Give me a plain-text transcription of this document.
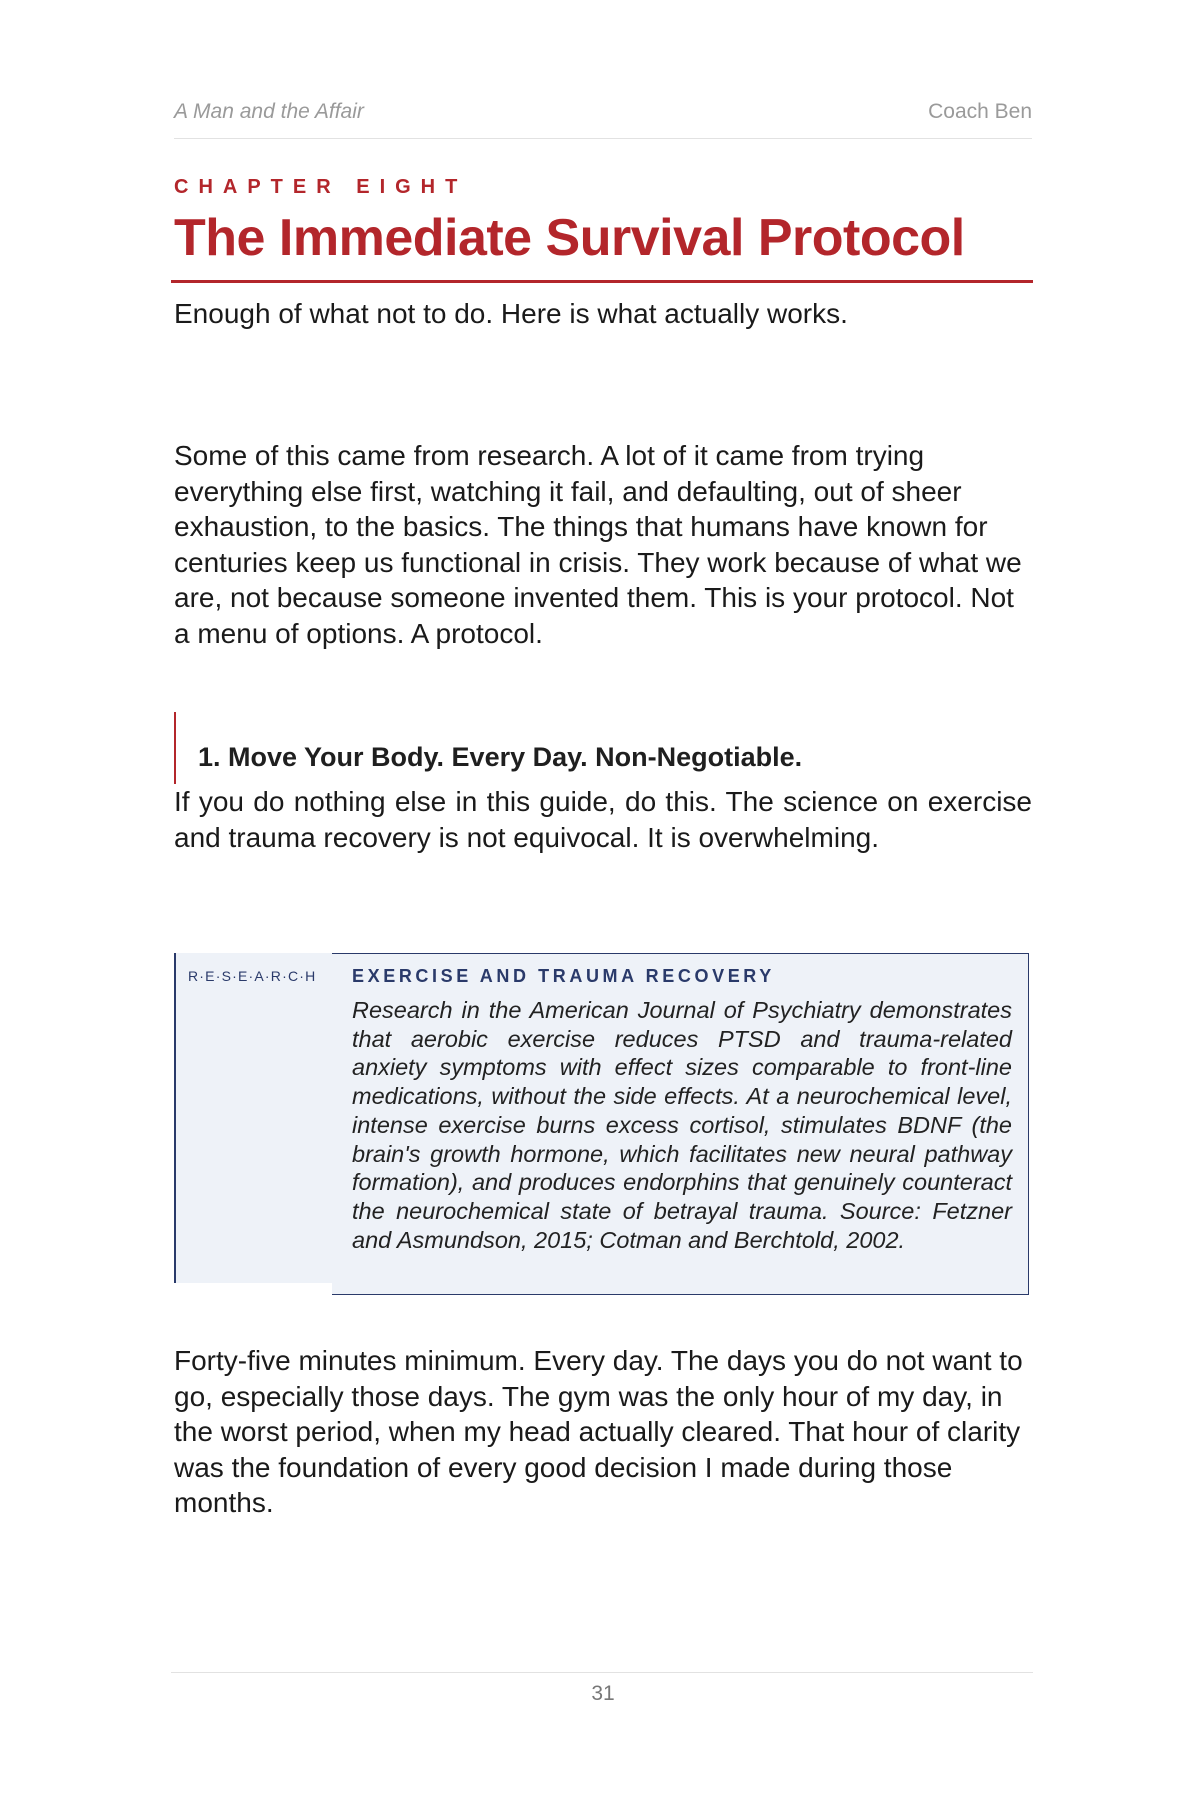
A Man and the Affair	Coach Ben
CHAPTER EIGHT
The Immediate Survival Protocol

Enough of what not to do. Here is what actually works.

Some of this came from research. A lot of it came from trying everything else first, watching it fail, and defaulting, out of sheer exhaustion, to the basics. The things that humans have known for centuries keep us functional in crisis. They work because of what we are, not because someone invented them. This is your protocol. Not a menu of options. A protocol.

1. Move Your Body. Every Day. Non-Negotiable.

If you do nothing else in this guide, do this. The science on exercise and trauma recovery is not equivocal. It is overwhelming.

R·E·S·E·A·R·C·H EXERCISE AND TRAUMA RECOVERY

Research in the American Journal of Psychiatry demonstrates that aerobic exercise reduces PTSD and trauma-related anxiety symptoms with effect sizes comparable to front-line medications, without the side effects. At a neurochemical level, intense exercise burns excess cortisol, stimulates BDNF (the brain's growth hormone, which facilitates new neural pathway formation), and produces endorphins that genuinely counteract the neurochemical state of betrayal trauma. Source: Fetzner and Asmundson, 2015; Cotman and Berchtold, 2002.

Forty-five minutes minimum. Every day. The days you do not want to go, especially those days. The gym was the only hour of my day, in the worst period, when my head actually cleared. That hour of clarity was the foundation of every good decision I made during those months.

31
